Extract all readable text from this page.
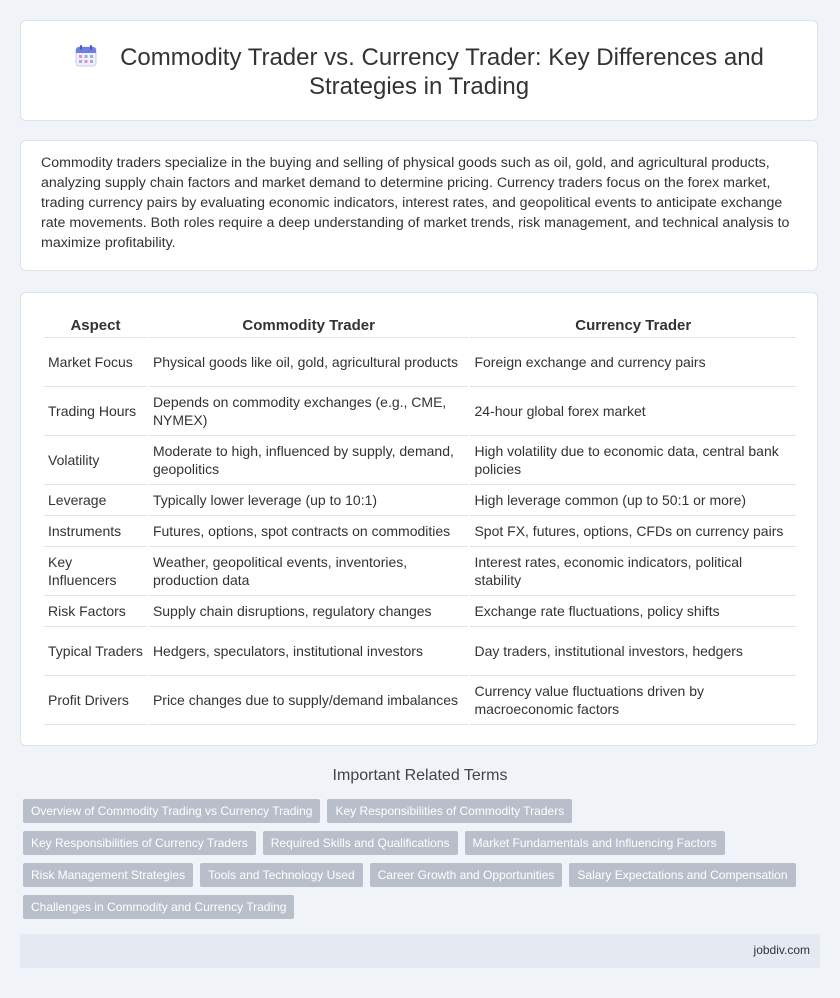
Commodity Trader vs. Currency Trader: Key Differences and Strategies in Trading

Commodity traders specialize in the buying and selling of physical goods such as oil, gold, and agricultural products, analyzing supply chain factors and market demand to determine pricing. Currency traders focus on the forex market, trading currency pairs by evaluating economic indicators, interest rates, and geopolitical events to anticipate exchange rate movements. Both roles require a deep understanding of market trends, risk management, and technical analysis to maximize profitability.

Aspect	Commodity Trader	Currency Trader
Market Focus	Physical goods like oil, gold, agricultural products	Foreign exchange and currency pairs
Trading Hours	Depends on commodity exchanges (e.g., CME, NYMEX)	24-hour global forex market
Volatility	Moderate to high, influenced by supply, demand, geopolitics	High volatility due to economic data, central bank policies
Leverage	Typically lower leverage (up to 10:1)	High leverage common (up to 50:1 or more)
Instruments	Futures, options, spot contracts on commodities	Spot FX, futures, options, CFDs on currency pairs
Key Influencers	Weather, geopolitical events, inventories, production data	Interest rates, economic indicators, political stability
Risk Factors	Supply chain disruptions, regulatory changes	Exchange rate fluctuations, policy shifts
Typical Traders	Hedgers, speculators, institutional investors	Day traders, institutional investors, hedgers
Profit Drivers	Price changes due to supply/demand imbalances	Currency value fluctuations driven by macroeconomic factors
Important Related Terms
Overview of Commodity Trading vs Currency Trading	Key Responsibilities of Commodity Traders
Key Responsibilities of Currency Traders	Required Skills and Qualifications	Market Fundamentals and Influencing Factors
Risk Management Strategies	Tools and Technology Used	Career Growth and Opportunities	Salary Expectations and Compensation
Challenges in Commodity and Currency Trading
jobdiv.com
